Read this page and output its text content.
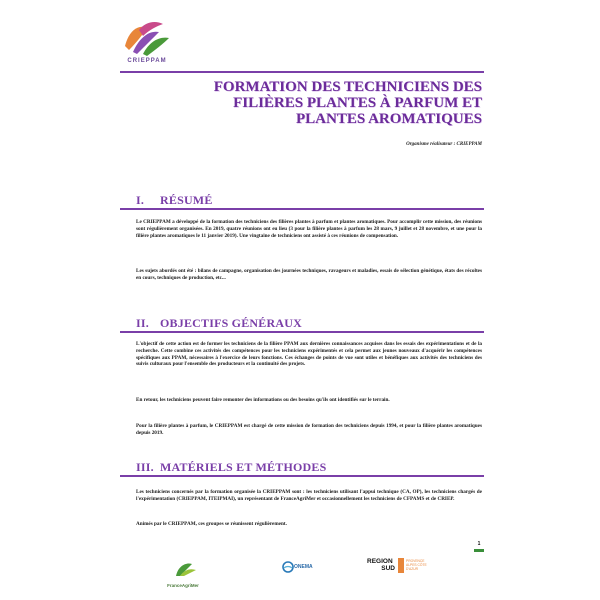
CRIEPPAM
FORMATION DES TECHNICIENS DES
FILIÈRES PLANTES À PARFUM ET
PLANTES AROMATIQUES
Organisme réalisateur : CRIEPPAM
I. RÉSUMÉ
Le CRIEPPAM a développé de la formation des techniciens des filières plantes à parfum et plantes aromatiques. Pour accomplir cette mission, des réunions sont régulièrement organisées. En 2019, quatre réunions ont eu lieu (3 pour la filière plantes à parfum les 28 mars, 9 juillet et 28 novembre, et une pour la filière plantes aromatiques le 11 janvier 2019). Une vingtaine de techniciens ont assisté à ces réunions de compensation.
Les sujets abordés ont été : bilans de campagne, organisation des journées techniques, ravageurs et maladies, essais de sélection génétique, états des récoltes en cours, techniques de production, etc...
II. OBJECTIFS GÉNÉRAUX
L'objectif de cette action est de former les techniciens de la filière PPAM aux dernières connaissances acquises dans les essais des expérimentations et de la recherche. Cette combine ces activités des compétences pour les techniciens expérimentés et cela permet aux jeunes nouveaux d'acquérir les compétences spécifiques aux PPAM, nécessaires à l'exercice de leurs fonctions. Ces échanges de points de vue sont utiles et bénéfiques aux activités des techniciens des suivis culturaux pour l'ensemble des producteurs et la continuité des projets.
En retour, les techniciens peuvent faire remonter des informations ou des besoins qu'ils ont identifiés sur le terrain.
Pour la filière plantes à parfum, le CRIEPPAM est chargé de cette mission de formation des techniciens depuis 1994, et pour la filière plantes aromatiques depuis 2019.
III. MATÉRIELS ET MÉTHODES
Les techniciens concernés par la formation organisée la CRIEPPAM sont : les techniciens utilisant l'appui technique (CA, OP), les techniciens chargés de l'expérimentation (CRIEPPAM, ITEIPMAI), un représentant de FranceAgriMer et occasionnellement les techniciens de CFPAMS et de CRIEP.
Animés par le CRIEPPAM, ces groupes se réunissent régulièrement.
1
FranceAgriMer
ONEMA
REGION
SUD
PROVENCE ALPES CÔTE D'AZUR
